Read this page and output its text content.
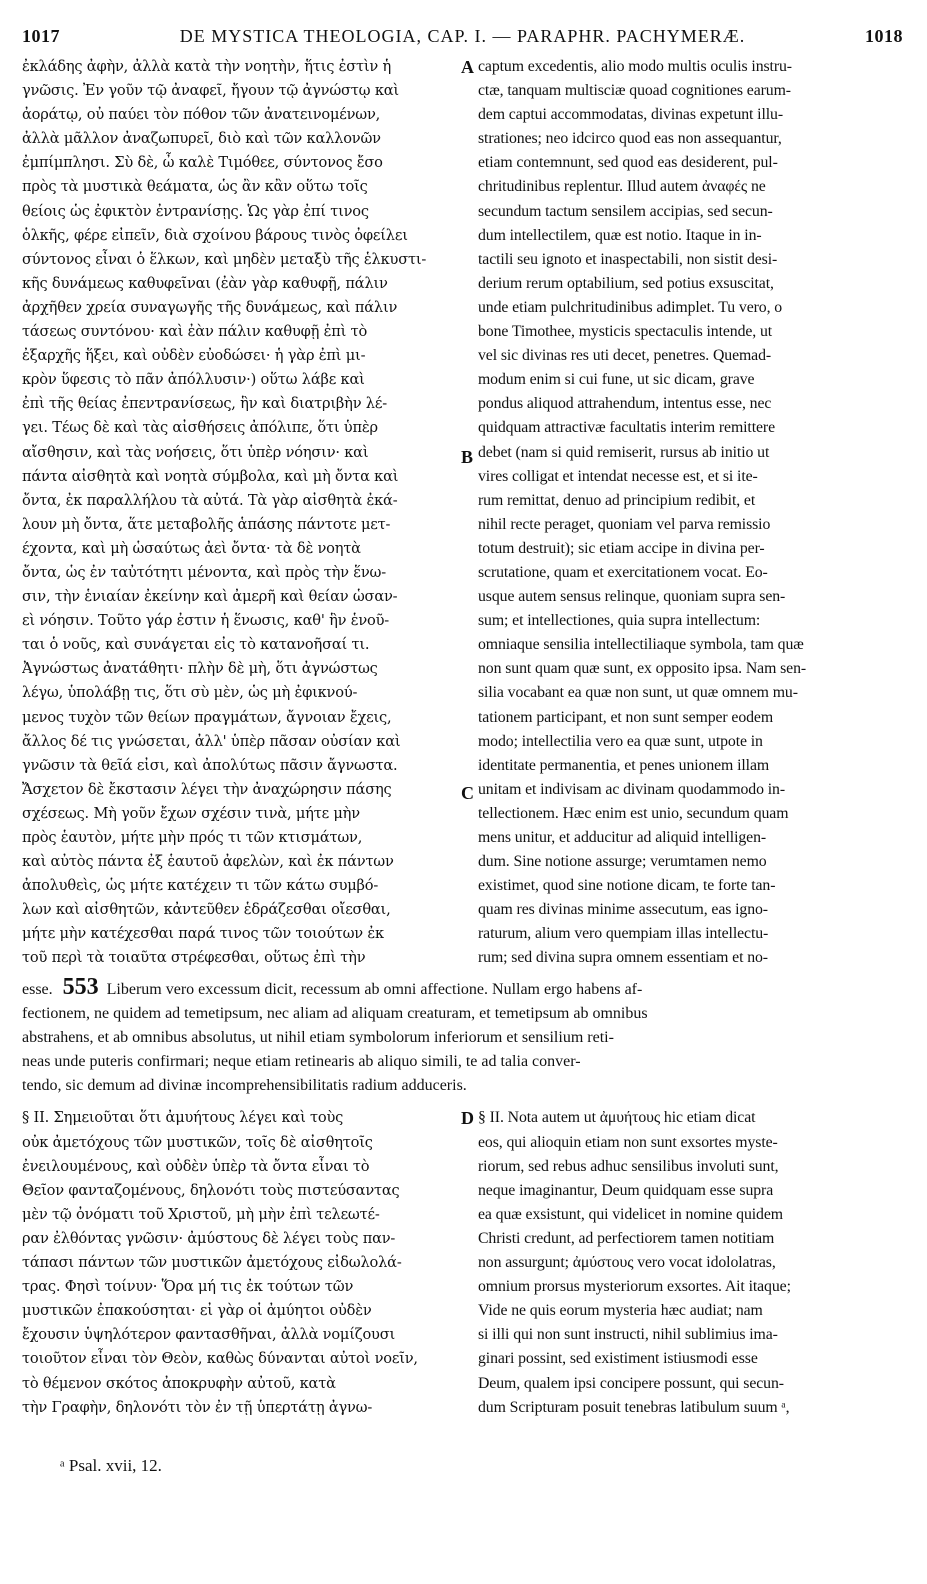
1017	DE MYSTICA THEOLOGIA, CAP. I. — PARAPHR. PACHYMERÆ.	1018
ἐκλάδης ἀφὴν, ἀλλὰ κατὰ τὴν νοητὴν, ἥτις ἐστὶν ἡ
γνῶσις. Ἐν γοῦν τῷ ἀναφεῖ, ἤγουν τῷ ἀγνώστῳ καὶ
ἀοράτῳ, οὐ παύει τὸν πόθον τῶν ἀνατεινομένων,
ἀλλὰ μᾶλλον ἀναζωπυρεῖ, διὸ καὶ τῶν καλλονῶν
ἐμπίμπλησι. Σὺ δὲ, ὦ καλὲ Τιμόθεε, σύντονος ἔσο
πρὸς τὰ μυστικὰ θεάματα, ὡς ἂν κἂν οὕτω τοῖς
θείοις ὡς ἐφικτὸν ἐντρανίσῃς. Ὡς γὰρ ἐπί τινος
ὁλκῆς, φέρε εἰπεῖν, διὰ σχοίνου βάρους τινὸς ὀφείλει
σύντονος εἶναι ὁ ἕλκων, καὶ μηδὲν μεταξὺ τῆς ἑλκυστι-
κῆς δυνάμεως καθυφεῖναι (ἐὰν γὰρ καθυφῇ, πάλιν
ἀρχῆθεν χρεία συναγωγῆς τῆς δυνάμεως, καὶ πάλιν
τάσεως συντόνου· καὶ ἐὰν πάλιν καθυφῇ ἐπὶ τὸ
ἐξαρχῆς ἥξει, καὶ οὐδὲν εὐοδώσει· ἡ γὰρ ἐπὶ μι-
κρὸν ὕφεσις τὸ πᾶν ἀπόλλυσιν·) οὕτω λάβε καὶ
ἐπὶ τῆς θείας ἐπεντρανίσεως, ἣν καὶ διατριβὴν λέ-
γει. Τέως δὲ καὶ τὰς αἰσθήσεις ἀπόλιπε, ὅτι ὑπὲρ
αἴσθησιν, καὶ τὰς νοήσεις, ὅτι ὑπὲρ νόησιν· καὶ
πάντα αἰσθητὰ καὶ νοητὰ σύμβολα, καὶ μὴ ὄντα καὶ
ὄντα, ἐκ παραλλήλου τὰ αὐτά. Τὰ γὰρ αἰσθητὰ ἐκά-
λουν μὴ ὄντα, ἅτε μεταβολῆς ἁπάσης πάντοτε μετ-
έχοντα, καὶ μὴ ὡσαύτως ἀεὶ ὄντα· τὰ δὲ νοητὰ
ὄντα, ὡς ἐν ταὐτότητι μένοντα, καὶ πρὸς τὴν ἕνω-
σιν, τὴν ἑνιαίαν ἐκείνην καὶ ἀμερῆ καὶ θείαν ὡσαν-
εὶ νόησιν. Τοῦτο γάρ ἐστιν ἡ ἕνωσις, καθ' ἣν ἑνοῦ-
ται ὁ νοῦς, καὶ συνάγεται εἰς τὸ κατανοῆσαί τι.
Ἀγνώστως ἀνατάθητι· πλὴν δὲ μὴ, ὅτι ἀγνώστως
λέγω, ὑπολάβῃ τις, ὅτι σὺ μὲν, ὡς μὴ ἐφικνού-
μενος τυχὸν τῶν θείων πραγμάτων, ἄγνοιαν ἔχεις,
ἄλλος δέ τις γνώσεται, ἀλλ' ὑπὲρ πᾶσαν οὐσίαν καὶ
γνῶσιν τὰ θεῖά εἰσι, καὶ ἀπολύτως πᾶσιν ἄγνωστα.
Ἄσχετον δὲ ἔκστασιν λέγει τὴν ἀναχώρησιν πάσης
σχέσεως. Μὴ γοῦν ἔχων σχέσιν τινὰ, μήτε μὴν
πρὸς ἑαυτὸν, μήτε μὴν πρός τι τῶν κτισμάτων,
καὶ αὐτὸς πάντα ἐξ ἑαυτοῦ ἀφελὼν, καὶ ἐκ πάντων
ἀπολυθεὶς, ὡς μήτε κατέχειν τι τῶν κάτω συμβό-
λων καὶ αἰσθητῶν, κἀντεῦθεν ἑδράζεσθαι οἴεσθαι,
μήτε μὴν κατέχεσθαι παρά τινος τῶν τοιούτων ἐκ
τοῦ περὶ τὰ τοιαῦτα στρέφεσθαι, οὕτως ἐπὶ τὴν

A
B
C
captum excedentis, alio modo multis oculis instru-
ctæ, tanquam multisciæ quoad cognitiones earum-
dem captui accommodatas, divinas expetunt illu-
strationes; neo idcirco quod eas non assequantur,
etiam contemnunt, sed quod eas desiderent, pul-
chritudinibus replentur. Illud autem ἀναφές ne
secundum tactum sensilem accipias, sed secun-
dum intellectilem, quæ est notio. Itaque in in-
tactili seu ignoto et inaspectabili, non sistit desi-
derium rerum optabilium, sed potius exsuscitat,
unde etiam pulchritudinibus adimplet. Tu vero, o
bone Timothee, mysticis spectaculis intende, ut
vel sic divinas res uti decet, penetres. Quemad-
modum enim si cui fune, ut sic dicam, grave
pondus aliquod attrahendum, intentus esse, nec
quidquam attractivæ facultatis interim remittere
debet (nam si quid remiserit, rursus ab initio ut
vires colligat et intendat necesse est, et si ite-
rum remittat, denuo ad principium redibit, et
nihil recte peraget, quoniam vel parva remissio
totum destruit); sic etiam accipe in divina per-
scrutatione, quam et exercitationem vocat. Eo-
usque autem sensus relinque, quoniam supra sen-
sum; et intellectiones, quia supra intellectum:
omniaque sensilia intellectiliaque symbola, tam quæ
non sunt quam quæ sunt, ex opposito ipsa. Nam sen-
silia vocabant ea quæ non sunt, ut quæ omnem mu-
tationem participant, et non sunt semper eodem
modo; intellectilia vero ea quæ sunt, utpote in
identitate permanentia, et penes unionem illam
unitam et indivisam ac divinam quodammodo in-
tellectionem. Hæc enim est unio, secundum quam
mens unitur, et adducitur ad aliquid intelligen-
dum. Sine notione assurge; verumtamen nemo
existimet, quod sine notione dicam, te forte tan-
quam res divinas minime assecutum, eas igno-
raturum, alium vero quempiam illas intellectu-
rum; sed divina supra omnem essentiam et no-

esse. 553 Liberum vero excessum dicit, recessum ab omni affectione. Nullam ergo habens af-
fectionem, ne quidem ad temetipsum, nec aliam ad aliquam creaturam, et temetipsum ab omnibus
abstrahens, et ab omnibus absolutus, ut nihil etiam symbolorum inferiorum et sensilium reti-
neas unde puteris confirmari; neque etiam retinearis ab aliquo simili, te ad talia conver-
tendo, sic demum ad divinæ incomprehensibilitatis radium adduceris.
§ II. Σημειοῦται ὅτι ἀμυήτους λέγει καὶ τοὺς
οὐκ ἀμετόχους τῶν μυστικῶν, τοῖς δὲ αἰσθητοῖς
ἐνειλουμένους, καὶ οὐδὲν ὑπὲρ τὰ ὄντα εἶναι τὸ
Θεῖον φανταζομένους, δηλονότι τοὺς πιστεύσαντας
μὲν τῷ ὀνόματι τοῦ Χριστοῦ, μὴ μὴν ἐπὶ τελεωτέ-
ραν ἐλθόντας γνῶσιν· ἀμύστους δὲ λέγει τοὺς παν-
τάπασι πάντων τῶν μυστικῶν ἀμετόχους εἰδωλολά-
τρας. Φησὶ τοίνυν· Ὅρα μή τις ἐκ τούτων τῶν
μυστικῶν ἐπακούσηται· εἰ γὰρ οἱ ἀμύητοι οὐδὲν
ἔχουσιν ὑψηλότερον φαντασθῆναι, ἀλλὰ νομίζουσι
τοιοῦτον εἶναι τὸν Θεὸν, καθὼς δύνανται αὐτοὶ νοεῖν,
τὸ θέμενον σκότος ἀποκρυφὴν αὐτοῦ, κατὰ
τὴν Γραφὴν, δηλονότι τὸν ἐν τῇ ὑπερτάτῃ ἀγνω-
D § II. Nota autem ut ἀμυήτους hic etiam dicat
eos, qui alioquin etiam non sunt exsortes myste-
riorum, sed rebus adhuc sensilibus involuti sunt,
neque imaginantur, Deum quidquam esse supra
ea quæ exsistunt, qui videlicet in nomine quidem
Christi credunt, ad perfectiorem tamen notitiam
non assurgunt; ἀμύστους vero vocat idololatras,
omnium prorsus mysteriorum exsortes. Ait itaque;
Vide ne quis eorum mysteria hæc audiat; nam
si illi qui non sunt instructi, nihil sublimius ima-
ginari possint, sed existiment istiusmodi esse
Deum, qualem ipsi concipere possunt, qui secun-
dum Scripturam posuit tenebras latibulum suum ᵃ,
ᵃ Psal. xvii, 12.
